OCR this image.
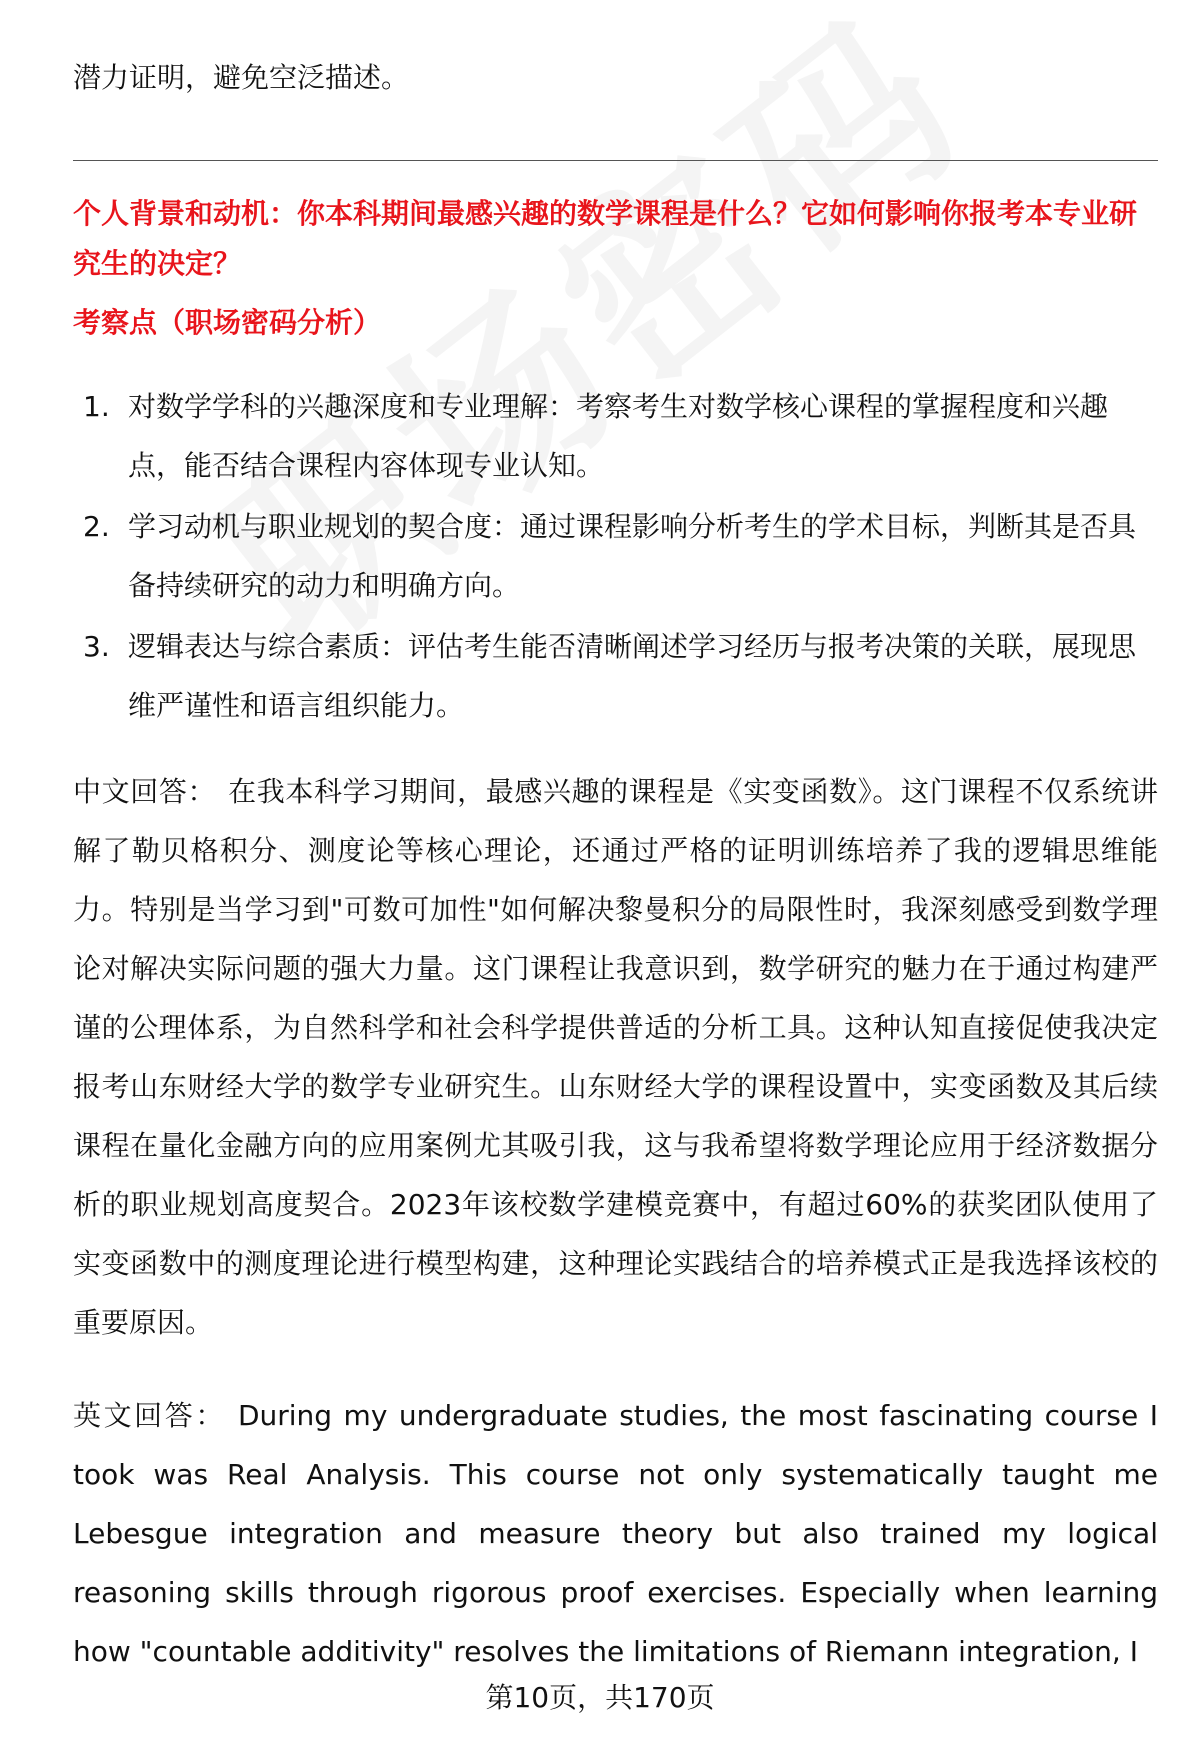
潜力证明，避免空泛描述。

个人背景和动机：你本科期间最感兴趣的数学课程是什么？它如何影响你报考本专业研究生的决定？

考察点（职场密码分析）

1. 对数学学科的兴趣深度和专业理解：考察考生对数学核心课程的掌握程度和兴趣点，能否结合课程内容体现专业认知。
2. 学习动机与职业规划的契合度：通过课程影响分析考生的学术目标，判断其是否具备持续研究的动力和明确方向。
3. 逻辑表达与综合素质：评估考生能否清晰阐述学习经历与报考决策的关联，展现思维严谨性和语言组织能力。

中文回答： 在我本科学习期间，最感兴趣的课程是《实变函数》。这门课程不仅系统讲解了勒贝格积分、测度论等核心理论，还通过严格的证明训练培养了我的逻辑思维能力。特别是当学习到"可数可加性"如何解决黎曼积分的局限性时，我深刻感受到数学理论对解决实际问题的强大力量。这门课程让我意识到，数学研究的魅力在于通过构建严谨的公理体系，为自然科学和社会科学提供普适的分析工具。这种认知直接促使我决定报考山东财经大学的数学专业研究生。山东财经大学的课程设置中，实变函数及其后续课程在量化金融方向的应用案例尤其吸引我，这与我希望将数学理论应用于经济数据分析的职业规划高度契合。2023年该校数学建模竞赛中，有超过60%的获奖团队使用了实变函数中的测度理论进行模型构建，这种理论实践结合的培养模式正是我选择该校的重要原因。

英文回答： During my undergraduate studies, the most fascinating course I took was Real Analysis. This course not only systematically taught me Lebesgue integration and measure theory but also trained my logical reasoning skills through rigorous proof exercises. Especially when learning how "countable additivity" resolves the limitations of Riemann integration, I

第10页，共170页
